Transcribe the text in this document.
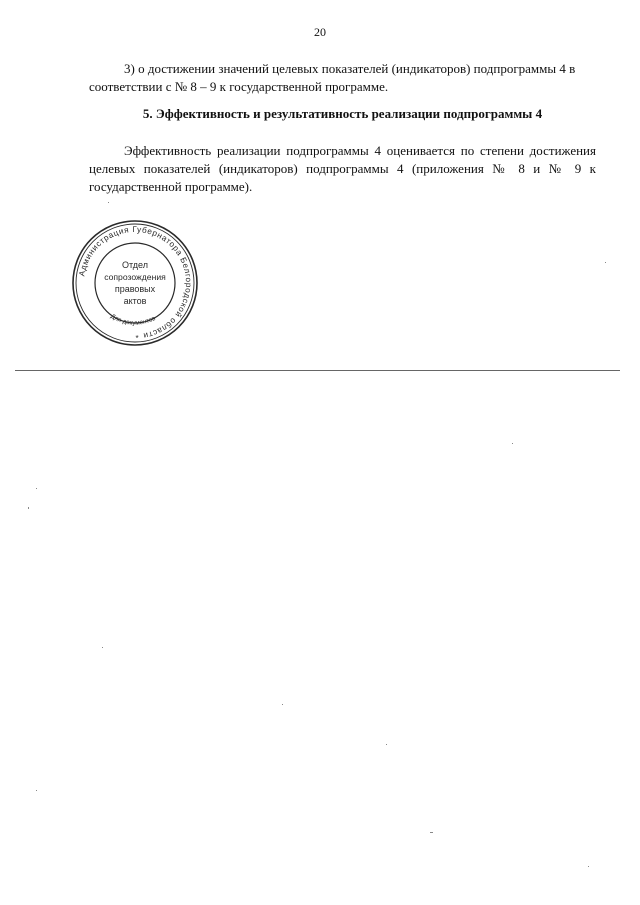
20
3) о достижении значений целевых показателей (индикаторов) подпрограммы 4 в соответствии с № 8 – 9 к государственной программе.
5. Эффективность и результативность реализации подпрограммы 4
Эффективность реализации подпрограммы 4 оценивается по степени достижения целевых показателей (индикаторов) подпрограммы 4 (приложения № 8 и № 9 к государственной программе).
Администрация Губернатора Белгородской области
Для документов
Отдел
сопрозождения
правовых
актов
*
